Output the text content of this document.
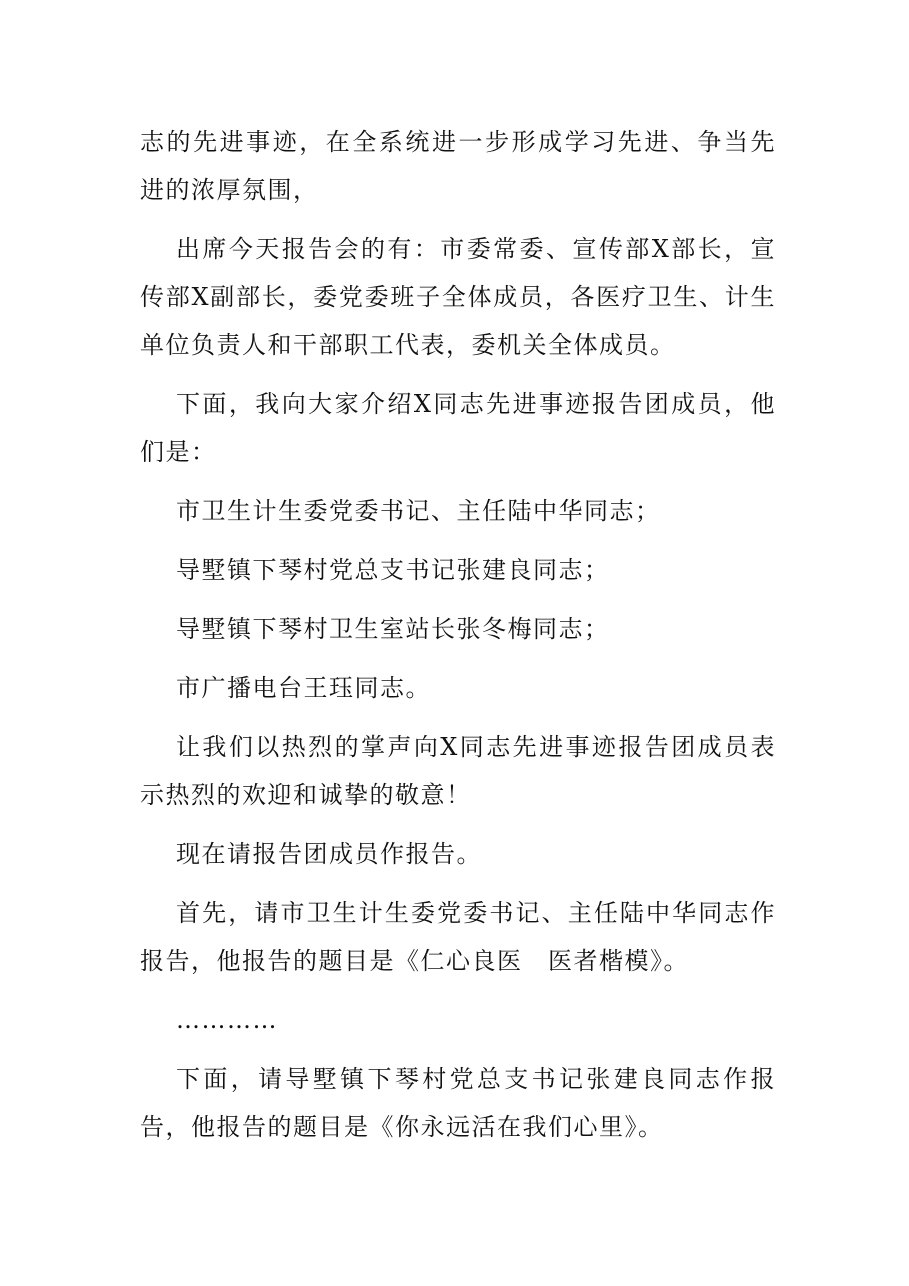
志的先进事迹，在全系统进一步形成学习先进、争当先进的浓厚氛围，

出席今天报告会的有：市委常委、宣传部X部长，宣传部X副部长，委党委班子全体成员，各医疗卫生、计生单位负责人和干部职工代表，委机关全体成员。

下面，我向大家介绍X同志先进事迹报告团成员，他们是：

市卫生计生委党委书记、主任陆中华同志；

导墅镇下琴村党总支书记张建良同志；

导墅镇下琴村卫生室站长张冬梅同志；

市广播电台王珏同志。

让我们以热烈的掌声向X同志先进事迹报告团成员表示热烈的欢迎和诚挚的敬意！

现在请报告团成员作报告。

首先，请市卫生计生委党委书记、主任陆中华同志作报告，他报告的题目是《仁心良医　医者楷模》。

…………

下面，请导墅镇下琴村党总支书记张建良同志作报告，他报告的题目是《你永远活在我们心里》。
